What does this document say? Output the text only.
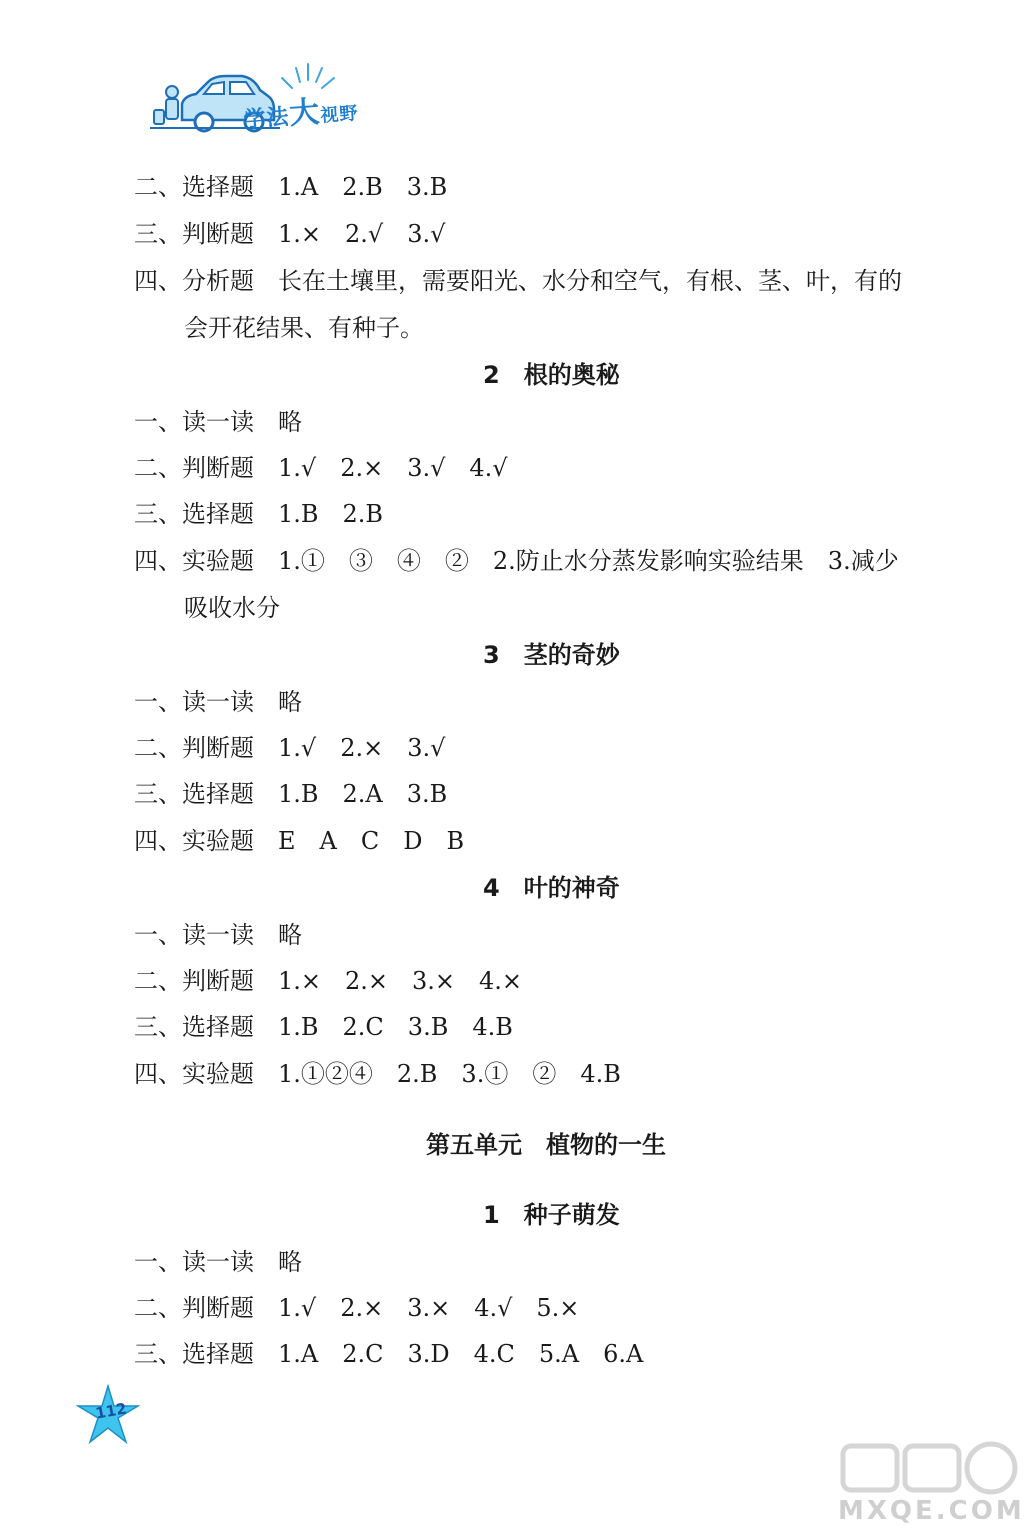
学法大视野
二、选择题　1.A　2.B　3.B
三、判断题　1.×　2.√　3.√
四、分析题　长在土壤里，需要阳光、水分和空气，有根、茎、叶，有的
会开花结果、有种子。
2　根的奥秘
一、读一读　略
二、判断题　1.√　2.×　3.√　4.√
三、选择题　1.B　2.B
四、实验题　1.①　③　④　②　2.防止水分蒸发影响实验结果　3.减少
吸收水分
3　茎的奇妙
一、读一读　略
二、判断题　1.√　2.×　3.√
三、选择题　1.B　2.A　3.B
四、实验题　E　A　C　D　B
4　叶的神奇
一、读一读　略
二、判断题　1.×　2.×　3.×　4.×
三、选择题　1.B　2.C　3.B　4.B
四、实验题　1.①②④　2.B　3.①　②　4.B
第五单元　植物的一生
1　种子萌发
一、读一读　略
二、判断题　1.√　2.×　3.×　4.√　5.×
三、选择题　1.A　2.C　3.D　4.C　5.A　6.A
112
MXQE.COM
